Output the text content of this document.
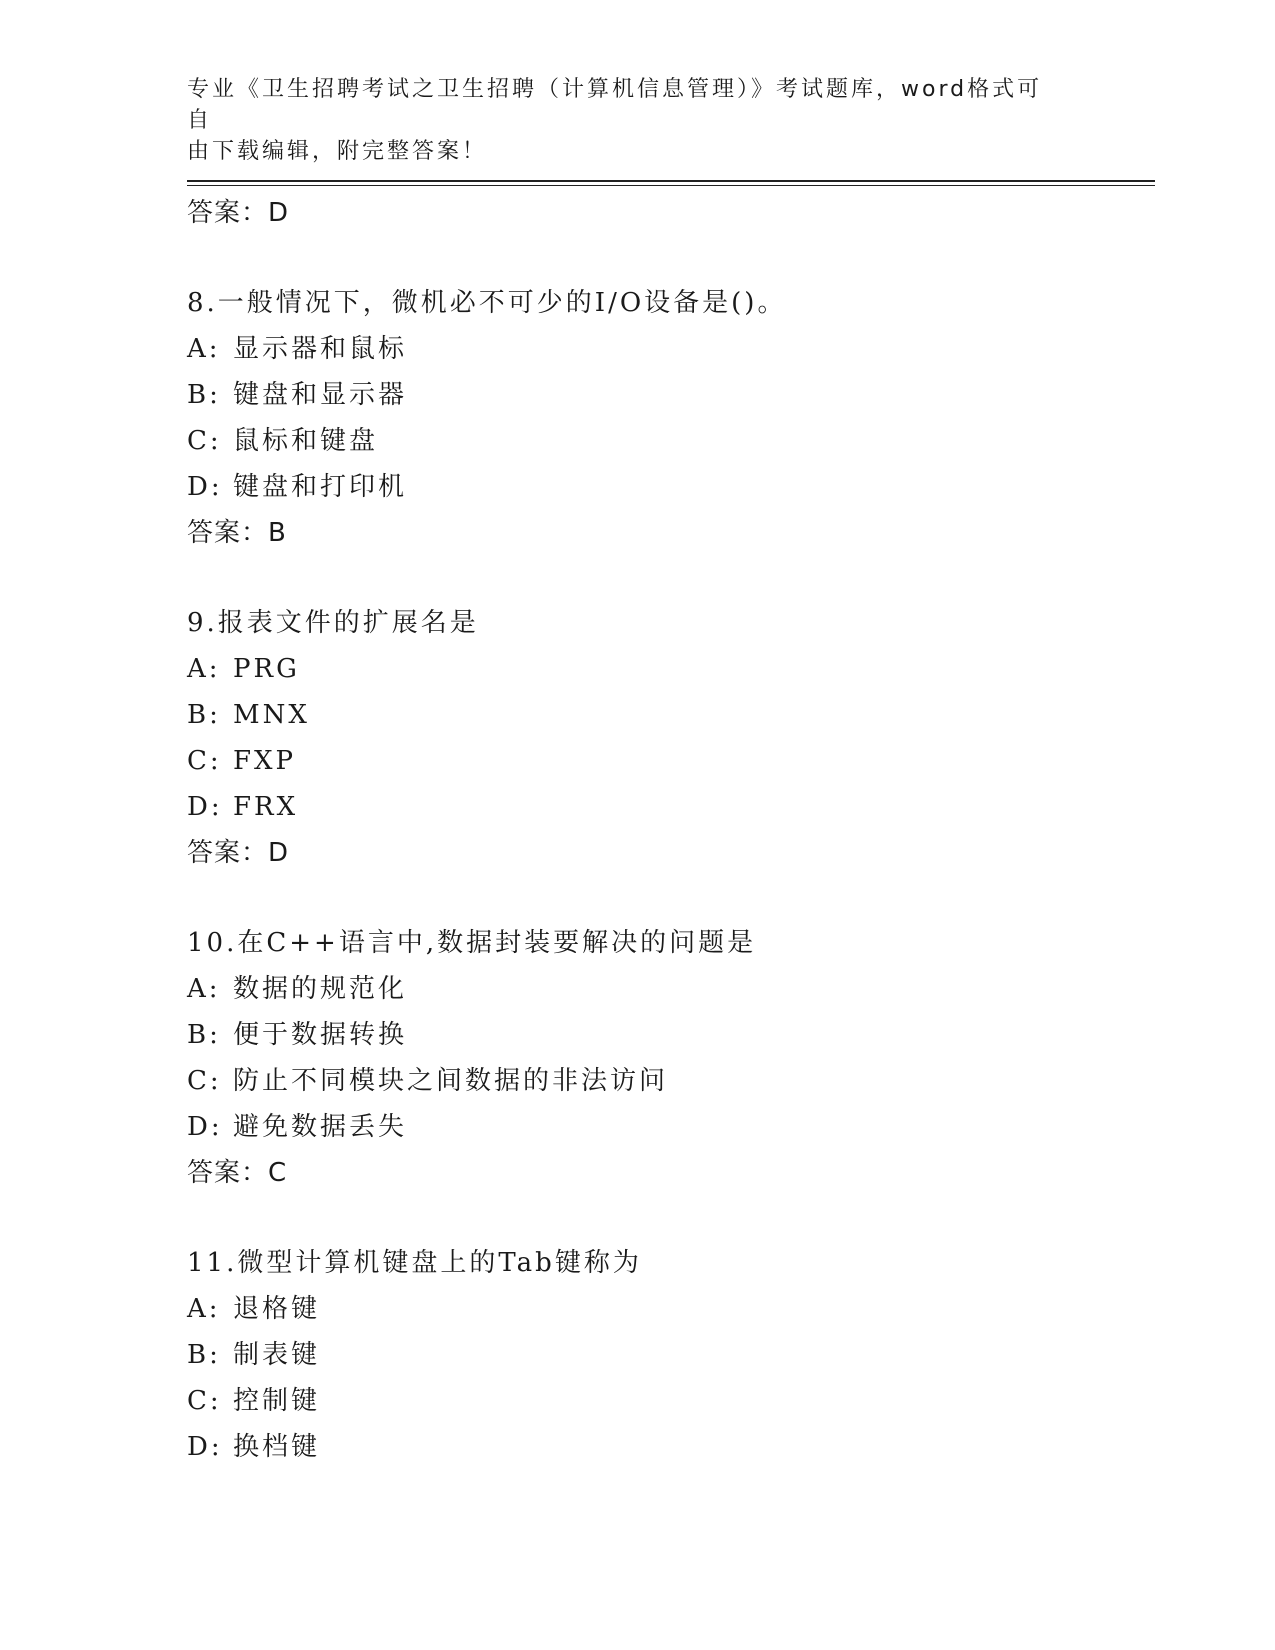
专业《卫生招聘考试之卫生招聘（计算机信息管理）》考试题库，word格式可自
由下载编辑，附完整答案！
答案：D
8.一般情况下，微机必不可少的I/O设备是()。
A: 显示器和鼠标
B: 键盘和显示器
C: 鼠标和键盘
D: 键盘和打印机
答案：B
9.报表文件的扩展名是
A: PRG
B: MNX
C: FXP
D: FRX
答案：D
10.在C++语言中,数据封装要解决的问题是
A: 数据的规范化
B: 便于数据转换
C: 防止不同模块之间数据的非法访问
D: 避免数据丢失
答案：C
11.微型计算机键盘上的Tab键称为
A: 退格键
B: 制表键
C: 控制键
D: 换档键
